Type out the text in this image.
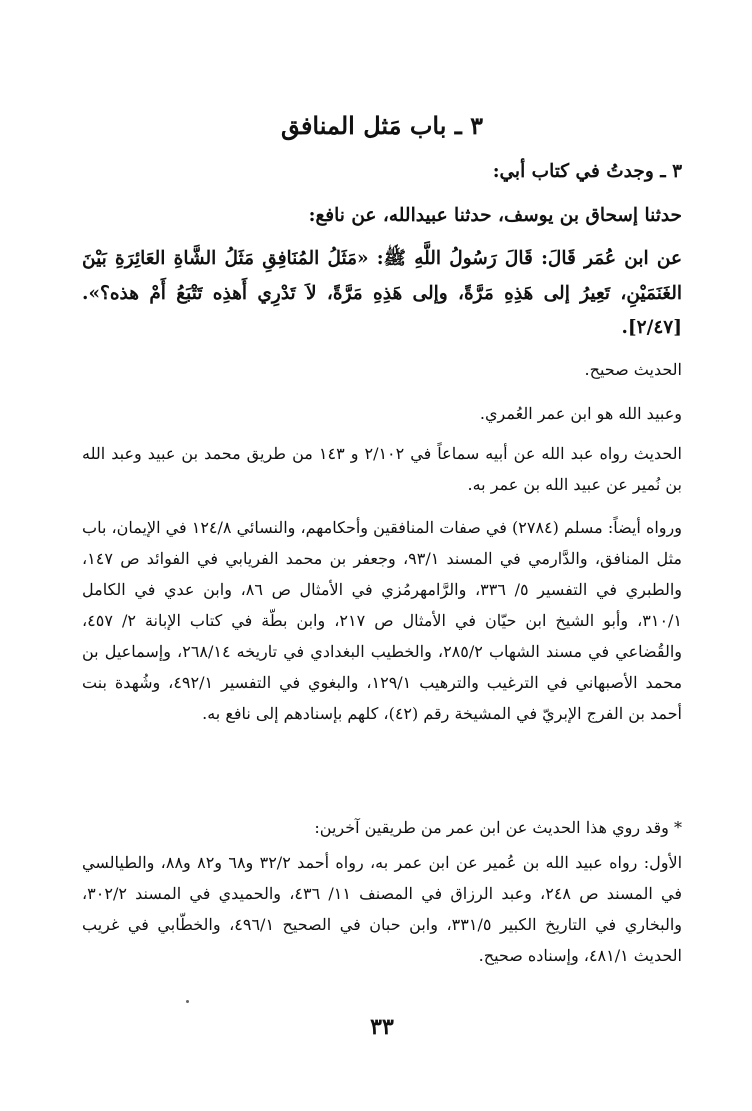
٣ ـ باب مَثل المنافق
٣ ـ وجدتُ في كتاب أبي:
حدثنا إسحاق بن يوسف، حدثنا عبيدالله، عن نافع:
عن ابن عُمَر قَالَ: قَالَ رَسُولُ اللَّهِ ﷺ: «مَثَلُ المُنَافِقِ مَثَلُ الشَّاةِ العَائِرَةِ بَيْنَ الغَنَمَيْنِ، تَعِيرُ إلى هَذِهِ مَرَّةً، وإلى هَذِهِ مَرَّةً، لاَ تَدْرِي أَهذِه تَتْبَعُ أَمْ هذه؟». [٢/٤٧].
الحديث صحيح.
وعبيد الله هو ابن عمر العُمري.
الحديث رواه عبد الله عن أبيه سماعاً في ٢/١٠٢ و ١٤٣ من طريق محمد بن عبيد وعبد الله بن نُمير عن عبيد الله بن عمر به.
ورواه أيضاً: مسلم (٢٧٨٤) في صفات المنافقين وأحكامهم، والنسائي ١٢٤/٨ في الإيمان، باب مثل المنافق، والدَّارمي في المسند ٩٣/١، وجعفر بن محمد الفريابي في الفوائد ص ١٤٧، والطبري في التفسير ٥/ ٣٣٦، والرَّامهرمُزي في الأمثال ص ٨٦، وابن عدي في الكامل ٣١٠/١، وأبو الشيخ ابن حيّان في الأمثال ص ٢١٧، وابن بطّة في كتاب الإبانة ٢/ ٤٥٧، والقُضاعي في مسند الشهاب ٢٨٥/٢، والخطيب البغدادي في تاريخه ٢٦٨/١٤، وإسماعيل بن محمد الأصبهاني في الترغيب والترهيب ١٢٩/١، والبغوي في التفسير ٤٩٢/١، وشُهدة بنت أحمد بن الفرج الإبريّ في المشيخة رقم (٤٢)، كلهم بإسنادهم إلى نافع به.
* وقد روي هذا الحديث عن ابن عمر من طريقين آخرين:
الأول: رواه عبيد الله بن عُمير عن ابن عمر به، رواه أحمد ٣٢/٢ و٦٨ و٨٢ و٨٨، والطيالسي في المسند ص ٢٤٨، وعبد الرزاق في المصنف ١١/ ٤٣٦، والحميدي في المسند ٣٠٢/٢، والبخاري في التاريخ الكبير ٣٣١/٥، وابن حبان في الصحيح ٤٩٦/١، والخطّابي في غريب الحديث ٤٨١/١، وإسناده صحيح.
٣٣
